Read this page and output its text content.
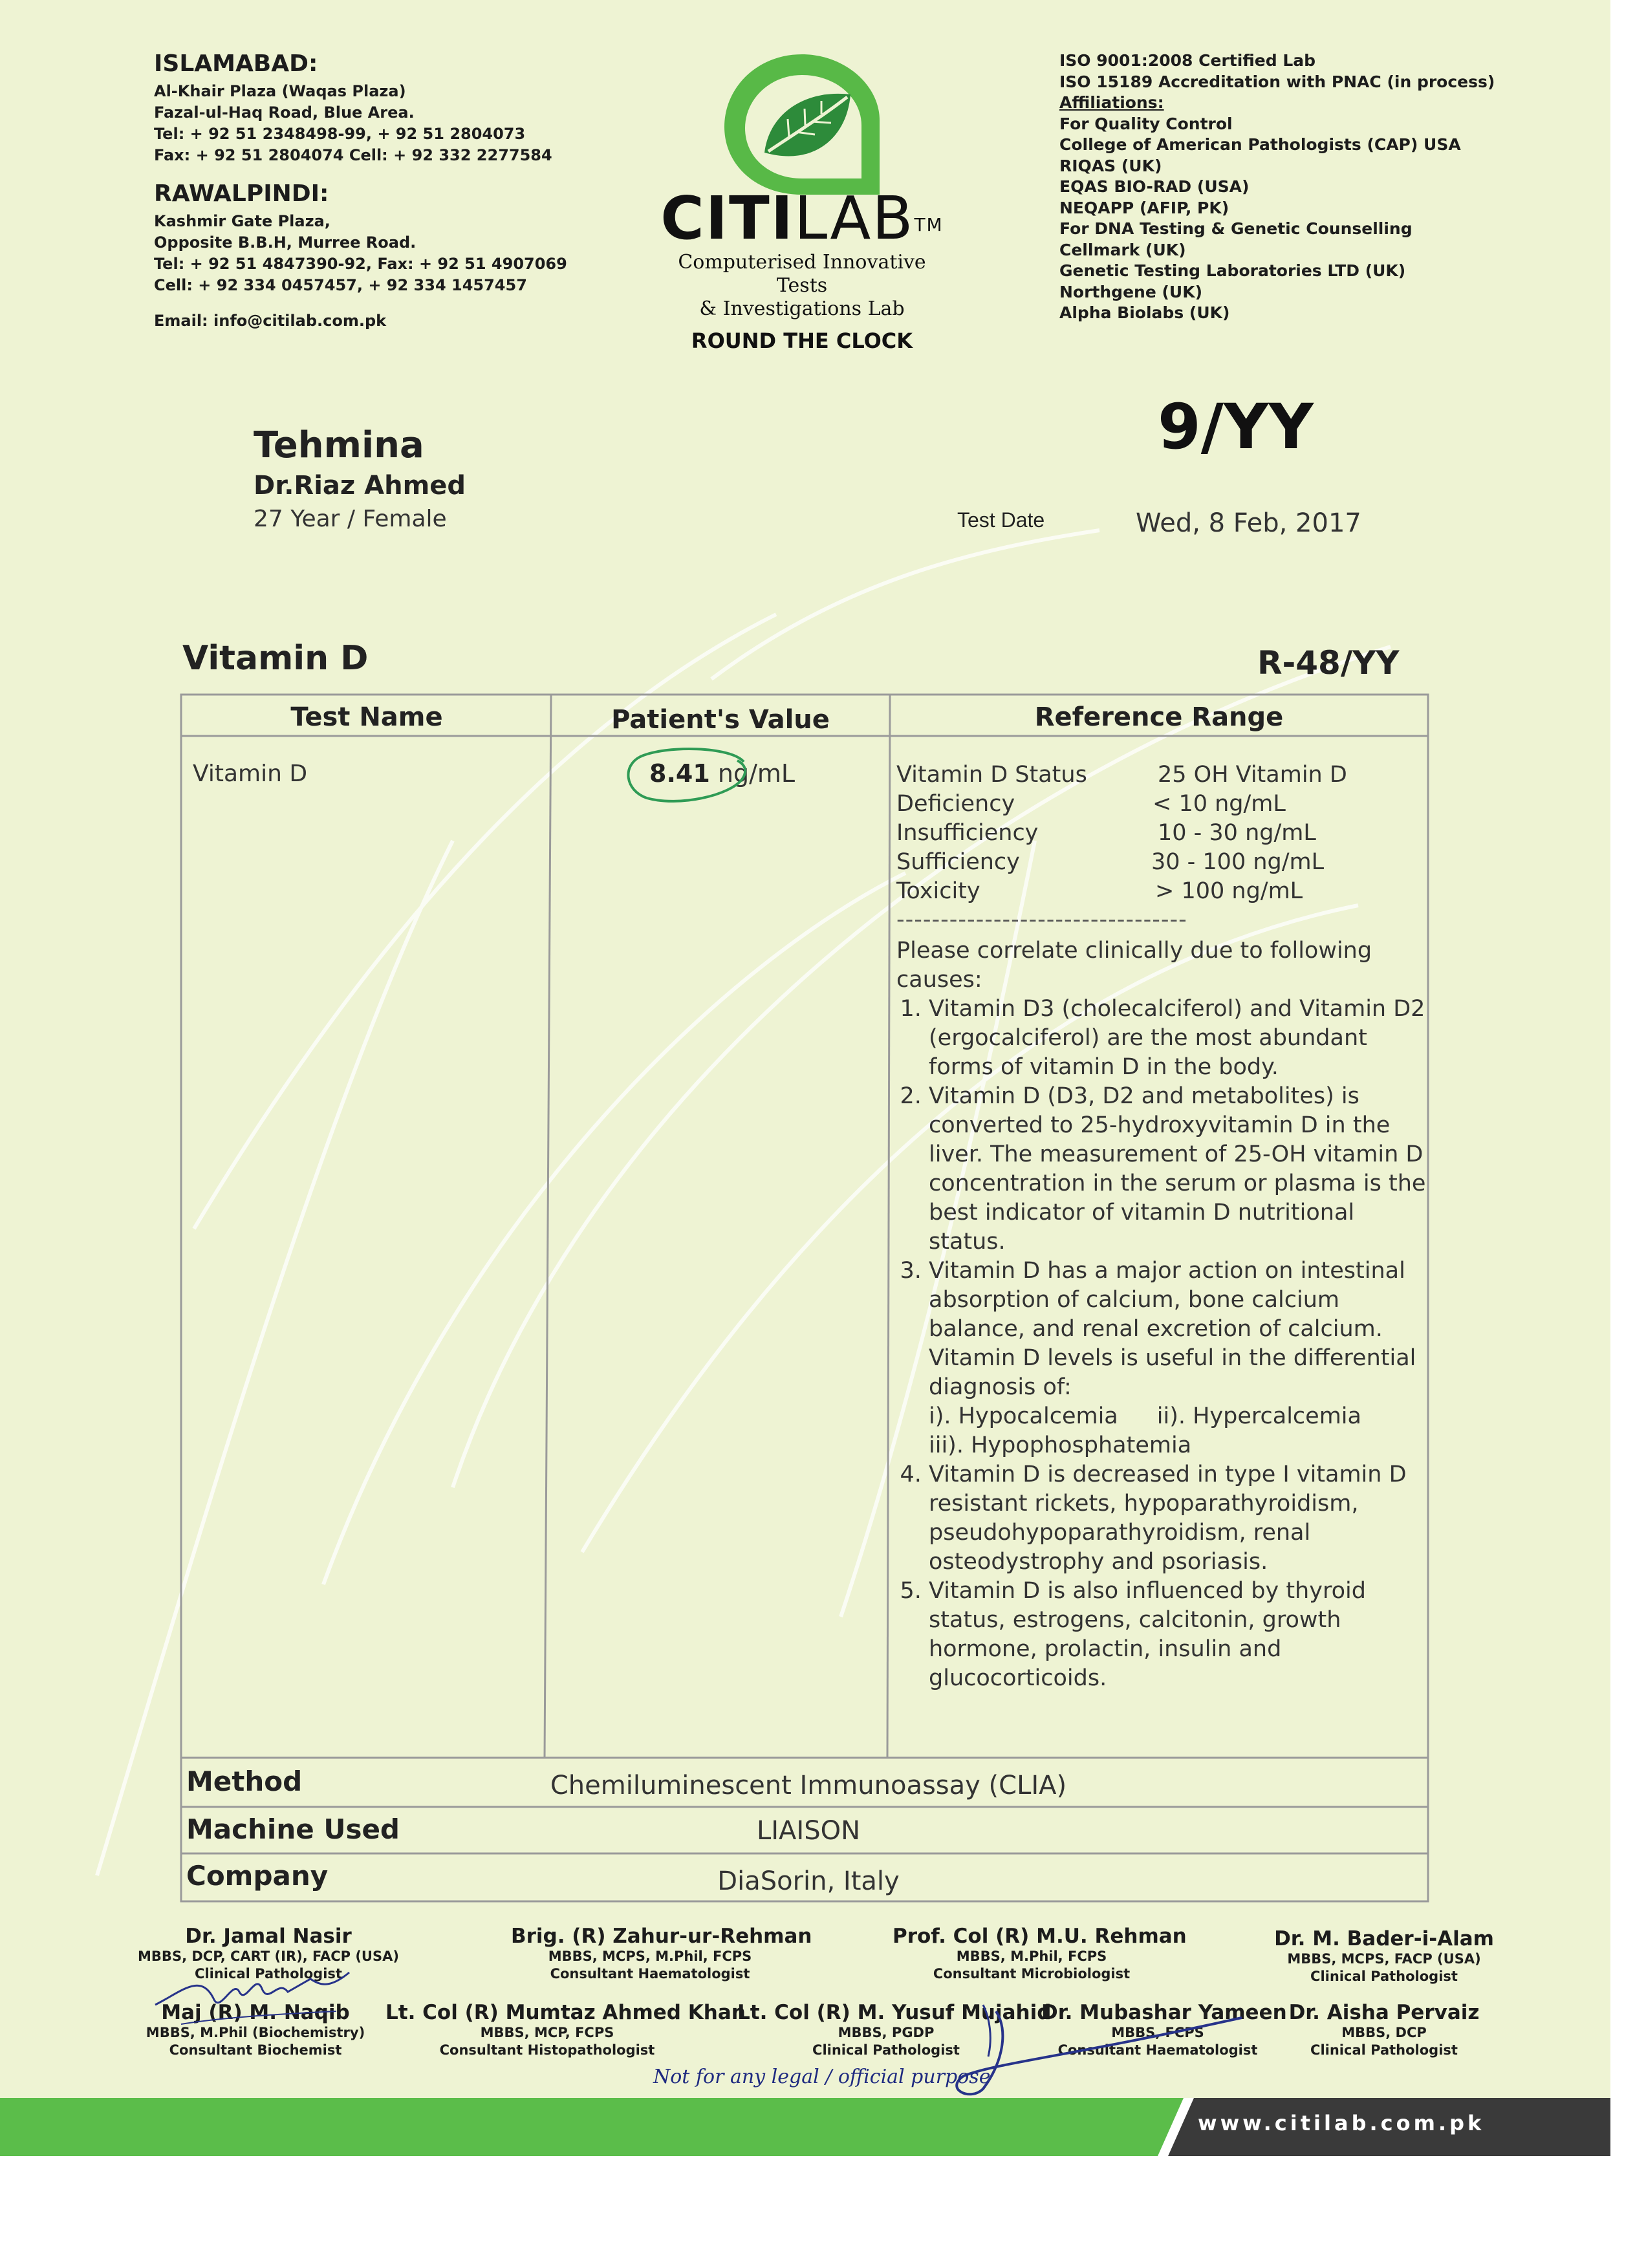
ISLAMABAD:
Al-Khair Plaza (Waqas Plaza)
Fazal-ul-Haq Road, Blue Area.
Tel: + 92 51 2348498-99, + 92 51 2804073
Fax: + 92 51 2804074 Cell: + 92 332 2277584
RAWALPINDI:
Kashmir Gate Plaza,
Opposite B.B.H, Murree Road.
Tel: + 92 51 4847390-92, Fax: + 92 51 4907069
Cell: + 92 334 0457457, + 92 334 1457457
Email: info@citilab.com.pk
CITILAB™
Computerised Innovative Tests
& Investigations Lab
ROUND THE CLOCK
ISO 9001:2008 Certified Lab
ISO 15189 Accreditation with PNAC (in process)
Affiliations:
For Quality Control
College of American Pathologists (CAP) USA
RIQAS (UK)
EQAS BIO-RAD (USA)
NEQAPP (AFIP, PK)
For DNA Testing & Genetic Counselling
Cellmark (UK)
Genetic Testing Laboratories LTD (UK)
Northgene (UK)
Alpha Biolabs (UK)
Tehmina
Dr.Riaz Ahmed
27 Year / Female
9/YY
Test Date	Wed, 8 Feb, 2017
Vitamin D	R-48/YY
Test Name	Patient's Value	Reference Range
Vitamin D	8.41 ng/mL	Vitamin D Status	25 OH Vitamin D
Deficiency	< 10 ng/mL
Insufficiency	10 - 30 ng/mL
Sufficiency	30 - 100 ng/mL
Toxicity	> 100 ng/mL
---------------------------------

Please correlate clinically due to following causes:

1. Vitamin D3 (cholecalciferol) and Vitamin D2 (ergocalciferol) are the most abundant forms of vitamin D in the body.
2. Vitamin D (D3, D2 and metabolites) is converted to 25-hydroxyvitamin D in the liver. The measurement of 25-OH vitamin D concentration in the serum or plasma is the best indicator of vitamin D nutritional status.
3. Vitamin D has a major action on intestinal absorption of calcium, bone calcium balance, and renal excretion of calcium. Vitamin D levels is useful in the differential diagnosis of:
i). Hypocalcemia ii). Hypercalcemia
iii). Hypophosphatemia
4. Vitamin D is decreased in type I vitamin D resistant rickets, hypoparathyroidism, pseudohypoparathyroidism, renal osteodystrophy and psoriasis.
5. Vitamin D is also influenced by thyroid status, estrogens, calcitonin, growth hormone, prolactin, insulin and glucocorticoids.
Method	Chemiluminescent Immunoassay (CLIA)
Machine Used	LIAISON
Company	DiaSorin, Italy
Dr. Jamal Nasir
MBBS, DCP, CART (IR), FACP (USA)
Clinical Pathologist
Brig. (R) Zahur-ur-Rehman
MBBS, MCPS, M.Phil, FCPS
Consultant Haematologist
Prof. Col (R) M.U. Rehman
MBBS, M.Phil, FCPS
Consultant Microbiologist
Dr. M. Bader-i-Alam
MBBS, MCPS, FACP (USA)
Clinical Pathologist
Maj (R) M. Naqib
MBBS, M.Phil (Biochemistry)
Consultant Biochemist
Lt. Col (R) Mumtaz Ahmed Khan
MBBS, MCP, FCPS
Consultant Histopathologist
Lt. Col (R) M. Yusuf Mujahid
MBBS, PGDP
Clinical Pathologist
Dr. Mubashar Yameen
MBBS, FCPS
Consultant Haematologist
Dr. Aisha Pervaiz
MBBS, DCP
Clinical Pathologist
Not for any legal / official purpose
www.citilab.com.pk
